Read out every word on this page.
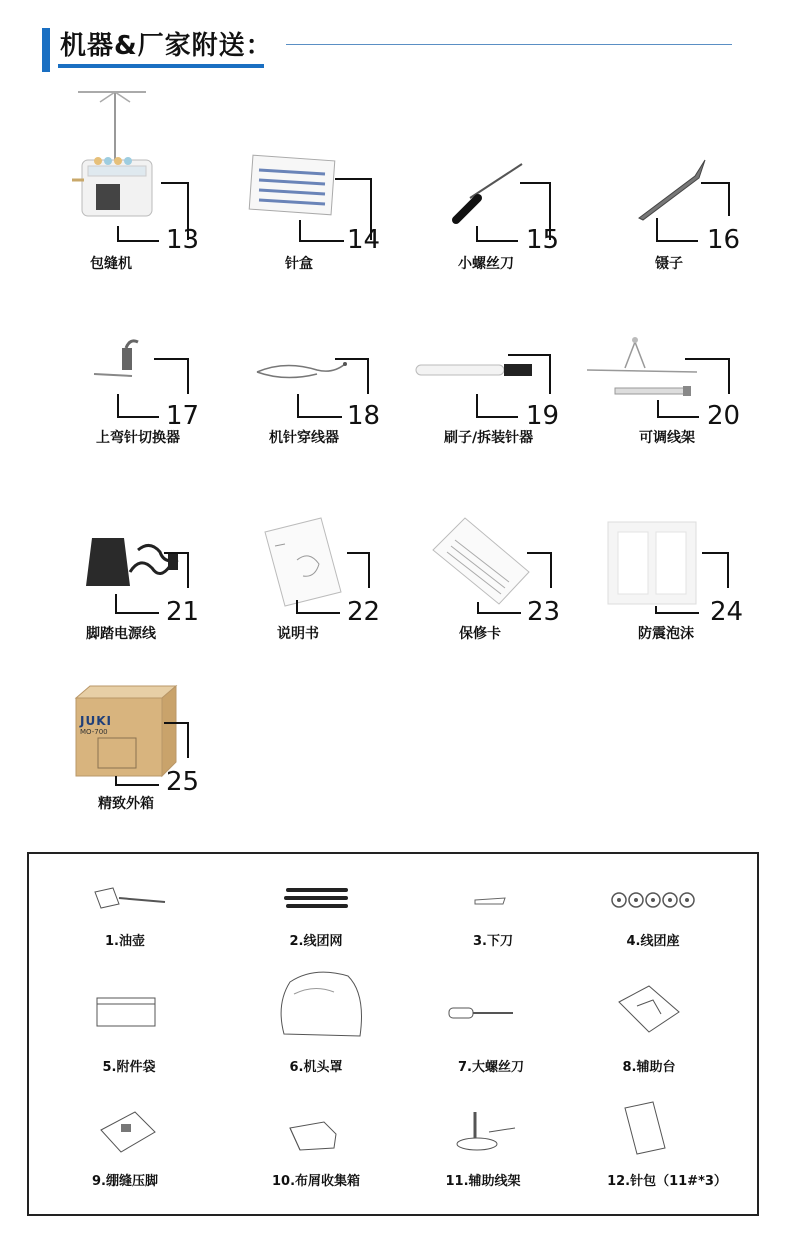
机器&厂家附送：
13
包缝机
14
针盒
15
小螺丝刀
16
镊子
17
上弯针切换器
18
机针穿线器
19
刷子/拆装针器
20
可调线架
21
脚踏电源线
22
说明书
23
保修卡
24
防震泡沫
JUKI
MO-700
25
精致外箱
1.油壶	2.线团网	3.下刀	4.线团座
5.附件袋	6.机头罩	7.大螺丝刀	8.辅助台
9.绷缝压脚	10.布屑收集箱	11.辅助线架	12.针包（11#*3）
